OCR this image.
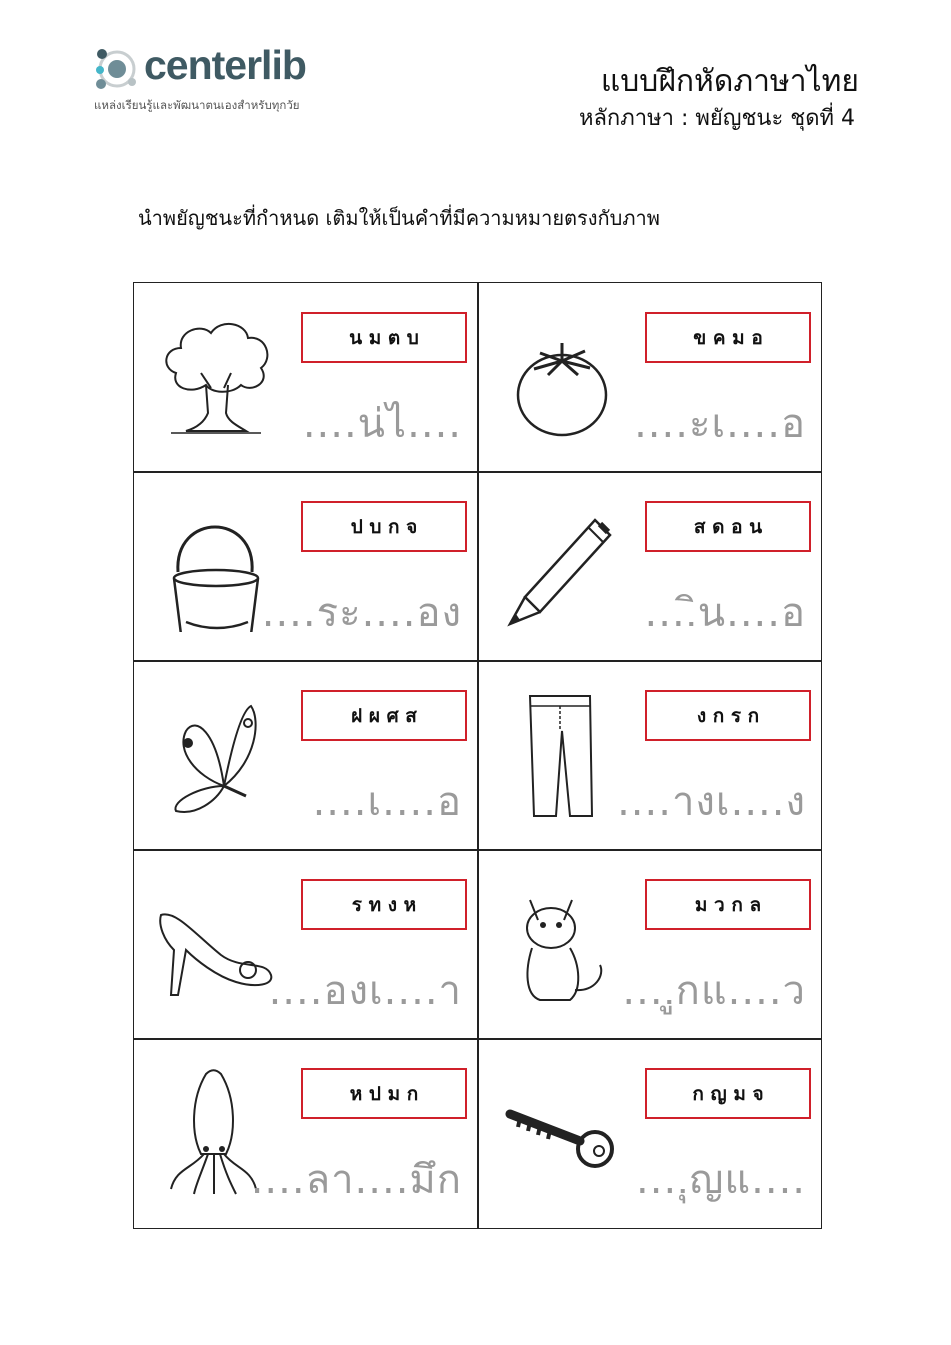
centerlib
แหล่งเรียนรู้และพัฒนาตนเองสำหรับทุกวัย
แบบฝึกหัดภาษาไทย
หลักภาษา : พยัญชนะ ชุดที่ 4
นำพยัญชนะที่กำหนด เติมให้เป็นคำที่มีความหมายตรงกับภาพ
น ม ต บ
....น่ไ....
ข ค ม อ
....ะเ....อ
ป บ ก จ
....ระ....อง
ส ด อ น
....ิน....อ
ฝ ผ ศ ส
....เ....อ
ง ก ร ก
....างเ....ง
ร ท ง ห
....องเ....า
ม ว ก ล
....ูกแ....ว
ห ป ม ก
....ลา....มึก
ก ญ ม จ
....ุญแ....
